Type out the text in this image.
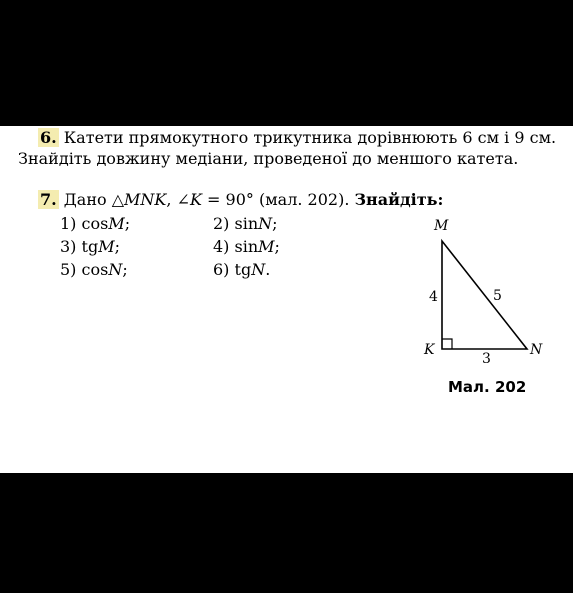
6. Катети прямокутного трикутника дорівнюють 6 см і 9 см.
Знайдіть довжину медіани, проведеної до меншого катета.
7. Дано △MNK, ∠K = 90° (мал. 202). Знайдіть:
1) cosM;	2) sinN;
3) tgM;	4) sinM;
5) cosN;	6) tgN.
M
K	N
4	5
3
Мал. 202
